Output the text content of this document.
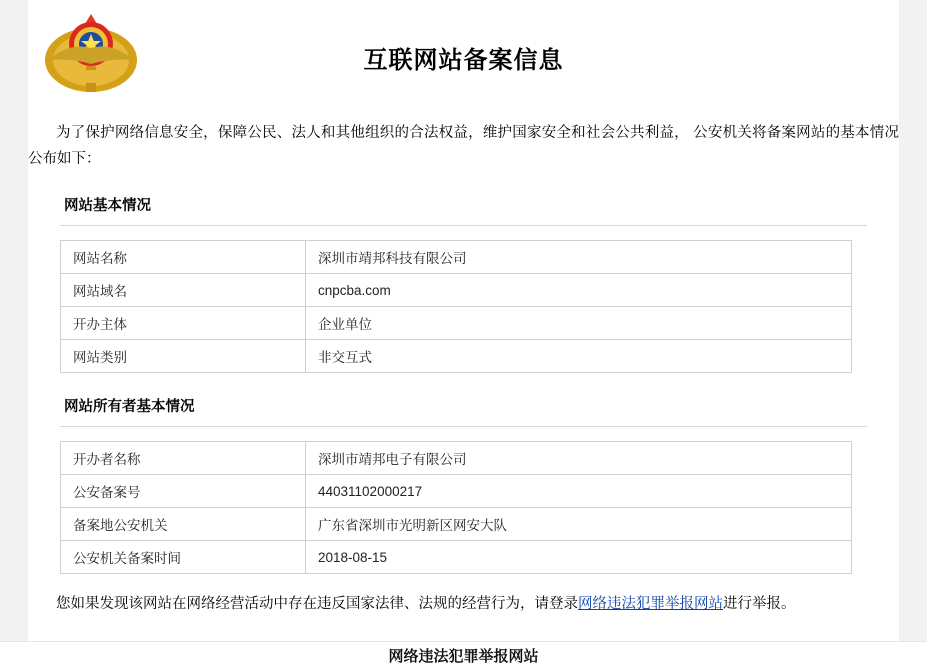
互联网站备案信息
为了保护网络信息安全，保障公民、法人和其他组织的合法权益，维护国家安全和社会公共利益， 公安机关将备案网站的基本情况公布如下：
网站基本情况
网站名称	深圳市靖邦科技有限公司
网站域名	cnpcba.com
开办主体	企业单位
网站类别	非交互式
网站所有者基本情况
开办者名称	深圳市靖邦电子有限公司
公安备案号	44031102000217
备案地公安机关	广东省深圳市光明新区网安大队
公安机关备案时间	2018-08-15
您如果发现该网站在网络经营活动中存在违反国家法律、法规的经营行为，请登录网络违法犯罪举报网站进行举报。
网络违法犯罪举报网站
